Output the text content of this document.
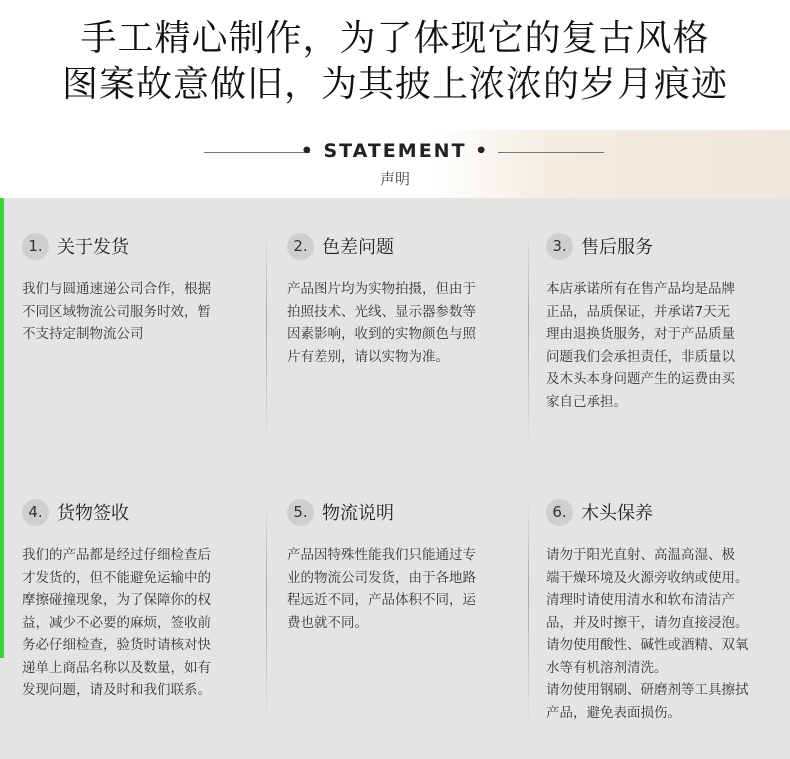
手工精心制作，为了体现它的复古风格
图案故意做旧，为其披上浓浓的岁月痕迹
• STATEMENT •
声明
1. 关于发货
我们与圆通速递公司合作，根据
不同区域物流公司服务时效，暂
不支持定制物流公司
2. 色差问题
产品图片均为实物拍摄，但由于
拍照技术、光线、显示器参数等
因素影响，收到的实物颜色与照
片有差别，请以实物为准。
3. 售后服务
本店承诺所有在售产品均是品牌
正品，品质保证，并承诺7天无
理由退换货服务，对于产品质量
问题我们会承担责任，非质量以
及木头本身问题产生的运费由买
家自己承担。
4. 货物签收
我们的产品都是经过仔细检查后
才发货的，但不能避免运输中的
摩擦碰撞现象，为了保障你的权
益，减少不必要的麻烦，签收前
务必仔细检查，验货时请核对快
递单上商品名称以及数量，如有
发现问题，请及时和我们联系。
5. 物流说明
产品因特殊性能我们只能通过专
业的物流公司发货，由于各地路
程远近不同，产品体积不同，运
费也就不同。
6. 木头保养
请勿于阳光直射、高温高湿、极
端干燥环境及火源旁收纳或使用。
清理时请使用清水和软布清洁产
品，并及时擦干，请勿直接浸泡。
请勿使用酸性、碱性或酒精、双氧
水等有机溶剂清洗。
请勿使用钢刷、研磨剂等工具擦拭
产品，避免表面损伤。
